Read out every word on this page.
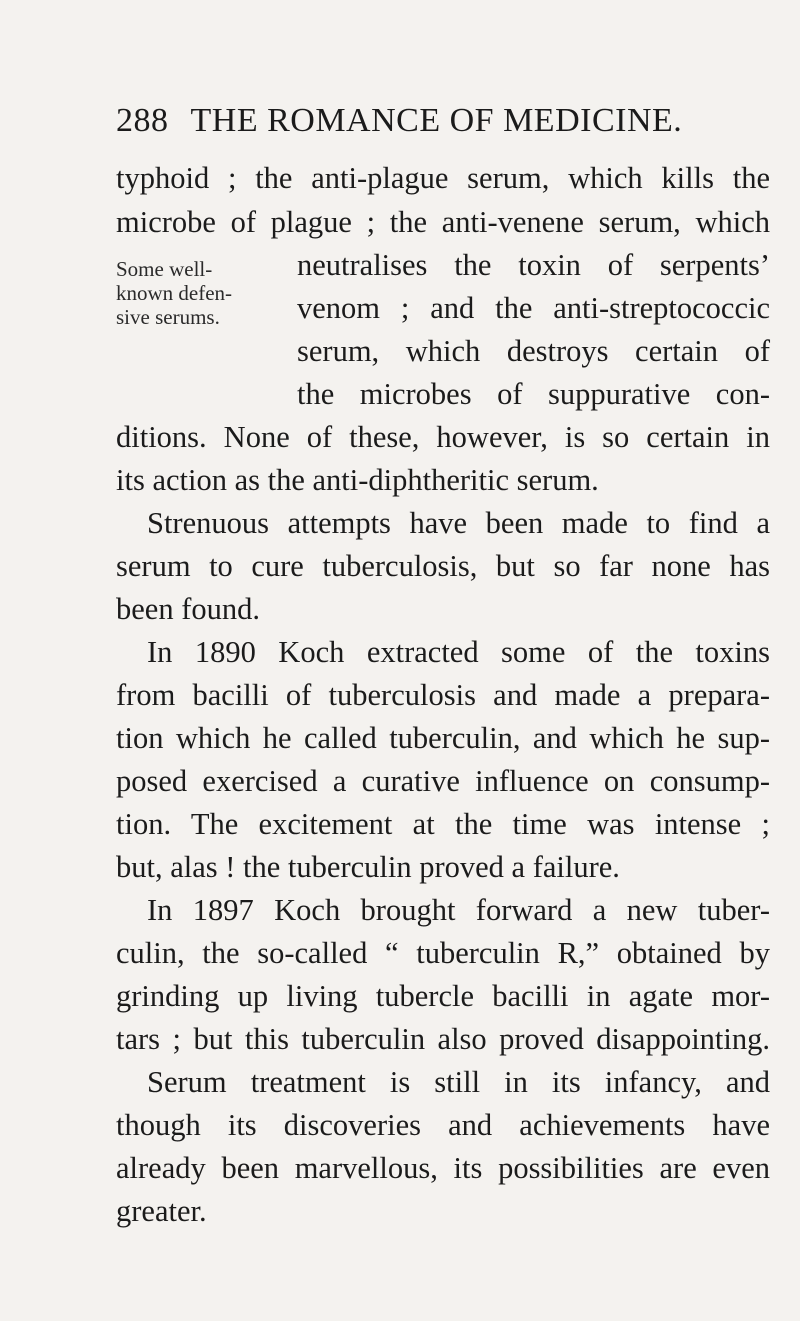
288 THE ROMANCE OF MEDICINE.
Some well-
known defen-
sive serums.
typhoid ; the anti-plague serum, which kills the
microbe of plague ; the anti-venene serum, which
neutralises the toxin of serpents’
venom ; and the anti-streptococcic
serum, which destroys certain of
the microbes of suppurative con-
ditions. None of these, however, is so certain in
its action as the anti-diphtheritic serum.
Strenuous attempts have been made to find a
serum to cure tuberculosis, but so far none has
been found.
In 1890 Koch extracted some of the toxins
from bacilli of tuberculosis and made a prepara-
tion which he called tuberculin, and which he sup-
posed exercised a curative influence on consump-
tion. The excitement at the time was intense ;
but, alas ! the tuberculin proved a failure.
In 1897 Koch brought forward a new tuber-
culin, the so-called “ tuberculin R,” obtained by
grinding up living tubercle bacilli in agate mor-
tars ; but this tuberculin also proved disappointing.
Serum treatment is still in its infancy, and
though its discoveries and achievements have
already been marvellous, its possibilities are even
greater.
